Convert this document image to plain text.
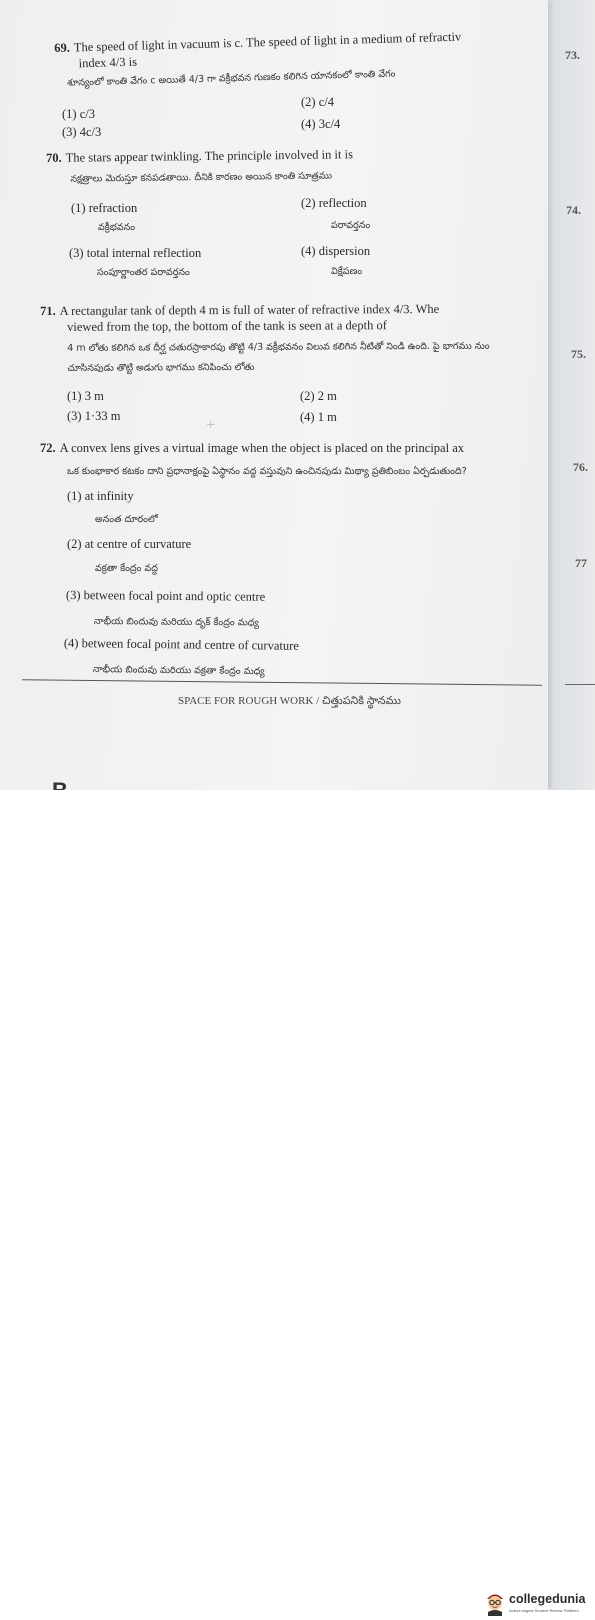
69. The speed of light in vacuum is c. The speed of light in a medium of refractiv
index 4/3 is
శూన్యంలో కాంతి వేగం c అయితే 4/3 గా వక్రీభవన గుణకం కలిగిన యానకంలో కాంతి వేగం
(1) c/3
(2) c/4
(3) 4c/3
(4) 3c/4
70. The stars appear twinkling. The principle involved in it is
నక్షత్రాలు మెరుస్తూ కనపడతాయి. దీనికి కారణం అయిన కాంతి సూత్రము
(1) refraction
వక్రీభవనం
(2) reflection
పరావర్తనం
(3) total internal reflection
సంపూర్ణాంతర పరావర్తనం
(4) dispersion
విక్షేపణం
71. A rectangular tank of depth 4 m is full of water of refractive index 4/3. Whe
viewed from the top, the bottom of the tank is seen at a depth of
4 m లోతు కలిగిన ఒక దీర్ఘ చతురస్రాకారపు తొట్టి 4/3 వక్రీభవనం విలువ కలిగిన నీటితో నిండి ఉంది. పై భాగము నుం
చూసినపుడు తొట్టి అడుగు భాగము కనిపించు లోతు
(1) 3 m	(2) 2 m
(3) 1·33 m	(4) 1 m
+
72. A convex lens gives a virtual image when the object is placed on the principal ax
ఒక కుంభాకార కటకం దాని ప్రధానాక్షంపై ఏస్థానం వద్ద వస్తువుని ఉంచినపుడు మిథ్యా ప్రతిబింబం ఏర్పడుతుంది?
(1) at infinity
అనంత దూరంలో
(2) at centre of curvature
వక్రతా కేంద్రం వద్ద
(3) between focal point and optic centre
నాభీయ బిందువు మరియు దృక్ కేంద్రం మధ్య
(4) between focal point and centre of curvature
నాభీయ బిందువు మరియు వక్రతా కేంద్రం మధ్య
SPACE FOR ROUGH WORK / చిత్తుపనికి స్థానము
73.
74.
75.
76.
77
collegedunia
India's largest Student Review Platform
